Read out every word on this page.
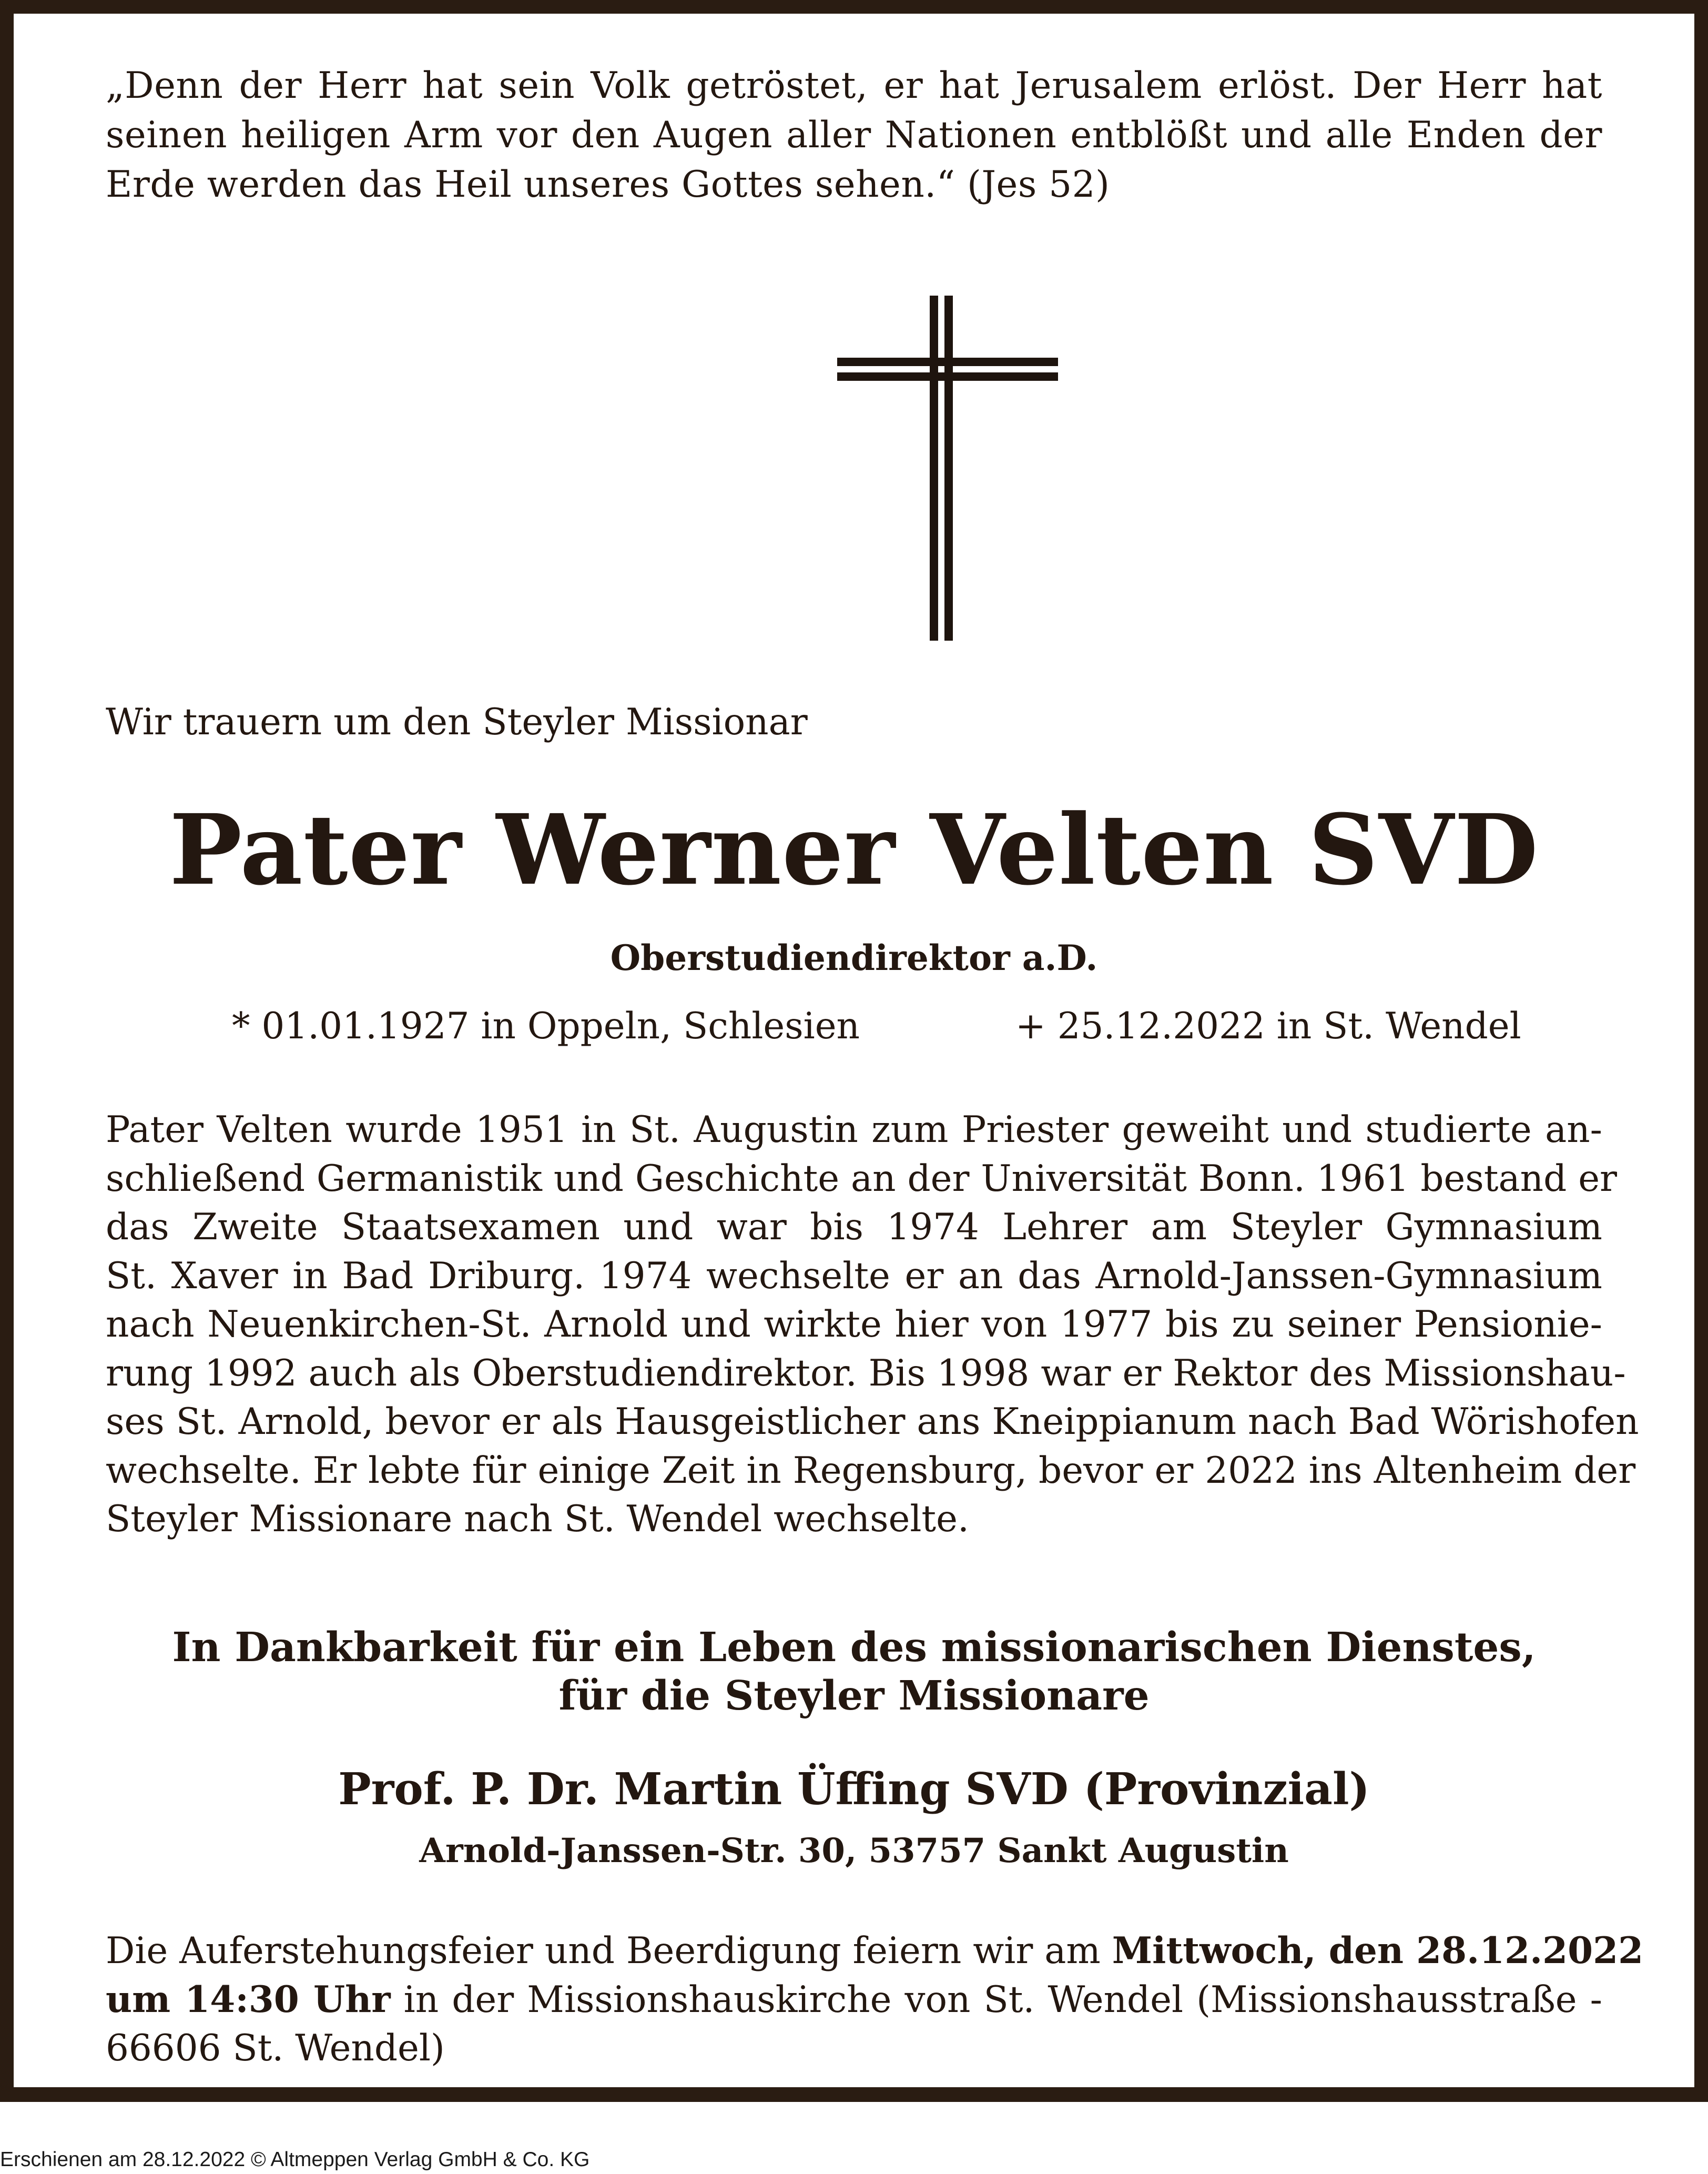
„Denn der Herr hat sein Volk getröstet, er hat Jerusalem erlöst. Der Herr hat seinen heiligen Arm vor den Augen aller Nationen entblößt und alle Enden der Erde werden das Heil unseres Gottes sehen.“ (Jes 52)
Wir trauern um den Steyler Missionar
Pater Werner Velten SVD
Oberstudiendirektor a.D.
* 01.01.1927 in Oppeln, Schlesien	+ 25.12.2022 in St. Wendel
Pater Velten wurde 1951 in St. Augustin zum Priester geweiht und studierte an-
schließend Germanistik und Geschichte an der Universität Bonn. 1961 bestand er
das Zweite Staatsexamen und war bis 1974 Lehrer am Steyler Gymnasium
St. Xaver in Bad Driburg. 1974 wechselte er an das Arnold-Janssen-Gymnasium
nach Neuenkirchen-St. Arnold und wirkte hier von 1977 bis zu seiner Pensionie-
rung 1992 auch als Oberstudiendirektor. Bis 1998 war er Rektor des Missionshau-
ses St. Arnold, bevor er als Hausgeistlicher ans Kneippianum nach Bad Wörishofen
wechselte. Er lebte für einige Zeit in Regensburg, bevor er 2022 ins Altenheim der
Steyler Missionare nach St. Wendel wechselte.
In Dankbarkeit für ein Leben des missionarischen Dienstes,
für die Steyler Missionare
Prof. P. Dr. Martin Üffing SVD (Provinzial)
Arnold-Janssen-Str. 30, 53757 Sankt Augustin
Die Auferstehungsfeier und Beerdigung feiern wir am Mittwoch, den 28.12.2022
um 14:30 Uhr in der Missionshauskirche von St. Wendel (Missionshausstraße -
66606 St. Wendel)
Erschienen am 28.12.2022 © Altmeppen Verlag GmbH & Co. KG
